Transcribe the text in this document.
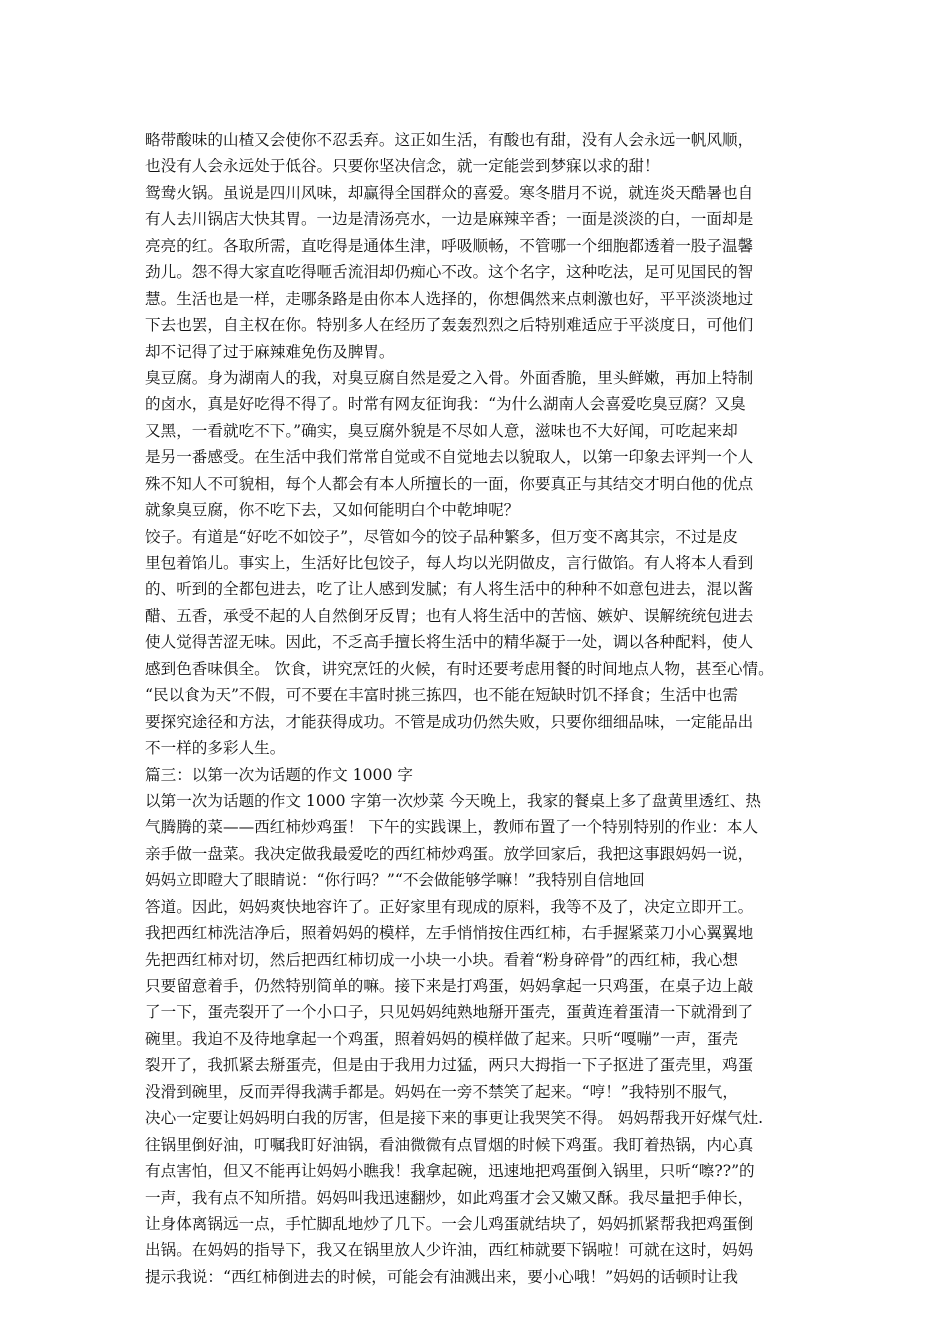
略带酸味的山楂又会使你不忍丢弃。这正如生活，有酸也有甜，没有人会永远一帆风顺，
也没有人会永远处于低谷。只要你坚决信念，就一定能尝到梦寐以求的甜！
鸳鸯火锅。虽说是四川风味，却赢得全国群众的喜爱。寒冬腊月不说，就连炎天酷暑也自
有人去川锅店大快其胃。一边是清汤亮水，一边是麻辣辛香；一面是淡淡的白，一面却是
亮亮的红。各取所需，直吃得是通体生津，呼吸顺畅，不管哪一个细胞都透着一股子温馨
劲儿。怨不得大家直吃得咂舌流泪却仍痴心不改。这个名字，这种吃法，足可见国民的智
慧。生活也是一样，走哪条路是由你本人选择的，你想偶然来点刺激也好，平平淡淡地过
下去也罢，自主权在你。特别多人在经历了轰轰烈烈之后特别难适应于平淡度日，可他们
却不记得了过于麻辣难免伤及脾胃。
臭豆腐。身为湖南人的我，对臭豆腐自然是爱之入骨。外面香脆，里头鲜嫩，再加上特制
的卤水，真是好吃得不得了。时常有网友征询我：“为什么湖南人会喜爱吃臭豆腐？又臭
又黑，一看就吃不下。”确实，臭豆腐外貌是不尽如人意，滋味也不大好闻，可吃起来却
是另一番感受。在生活中我们常常自觉或不自觉地去以貌取人，以第一印象去评判一个人
殊不知人不可貌相，每个人都会有本人所擅长的一面，你要真正与其结交才明白他的优点
就象臭豆腐，你不吃下去，又如何能明白个中乾坤呢？
饺子。有道是“好吃不如饺子”，尽管如今的饺子品种繁多，但万变不离其宗，不过是皮
里包着馅儿。事实上，生活好比包饺子，每人均以光阴做皮，言行做馅。有人将本人看到
的、听到的全都包进去，吃了让人感到发腻；有人将生活中的种种不如意包进去，混以酱
醋、五香，承受不起的人自然倒牙反胃；也有人将生活中的苦恼、嫉妒、误解统统包进去
使人觉得苦涩无味。因此，不乏高手擅长将生活中的精华凝于一处，调以各种配料，使人
感到色香味俱全。 饮食，讲究烹饪的火候，有时还要考虑用餐的时间地点人物，甚至心情。
“民以食为天”不假，可不要在丰富时挑三拣四，也不能在短缺时饥不择食；生活中也需
要探究途径和方法，才能获得成功。不管是成功仍然失败，只要你细细品味，一定能品出
不一样的多彩人生。
篇三：以第一次为话题的作文 1000 字
以第一次为话题的作文 1000 字第一次炒菜 今天晚上，我家的餐桌上多了盘黄里透红、热
气腾腾的菜——西红柿炒鸡蛋！ 下午的实践课上，教师布置了一个特别特别的作业：本人
亲手做一盘菜。我决定做我最爱吃的西红柿炒鸡蛋。放学回家后，我把这事跟妈妈一说，
妈妈立即瞪大了眼睛说：“你行吗？”“不会做能够学嘛！”我特别自信地回
答道。因此，妈妈爽快地容许了。正好家里有现成的原料，我等不及了，决定立即开工。
我把西红柿洗洁净后，照着妈妈的模样，左手悄悄按住西红柿，右手握紧菜刀小心翼翼地
先把西红柿对切，然后把西红柿切成一小块一小块。看着“粉身碎骨”的西红柿，我心想
只要留意着手，仍然特别简单的嘛。接下来是打鸡蛋，妈妈拿起一只鸡蛋，在桌子边上敲
了一下，蛋壳裂开了一个小口子，只见妈妈纯熟地掰开蛋壳，蛋黄连着蛋清一下就滑到了
碗里。我迫不及待地拿起一个鸡蛋，照着妈妈的模样做了起来。只听“嘎嘣”一声，蛋壳
裂开了，我抓紧去掰蛋壳，但是由于我用力过猛，两只大拇指一下子抠进了蛋壳里，鸡蛋
没滑到碗里，反而弄得我满手都是。妈妈在一旁不禁笑了起来。“哼！”我特别不服气，
决心一定要让妈妈明白我的厉害，但是接下来的事更让我哭笑不得。 妈妈帮我开好煤气灶.
往锅里倒好油，叮嘱我盯好油锅，看油微微有点冒烟的时候下鸡蛋。我盯着热锅，内心真
有点害怕，但又不能再让妈妈小瞧我！我拿起碗，迅速地把鸡蛋倒入锅里，只听“嚓??”的
一声，我有点不知所措。妈妈叫我迅速翻炒，如此鸡蛋才会又嫩又酥。我尽量把手伸长，
让身体离锅远一点，手忙脚乱地炒了几下。一会儿鸡蛋就结块了，妈妈抓紧帮我把鸡蛋倒
出锅。在妈妈的指导下，我又在锅里放人少许油，西红柿就要下锅啦！可就在这时，妈妈
提示我说：“西红柿倒进去的时候，可能会有油溅出来，要小心哦！”妈妈的话顿时让我
